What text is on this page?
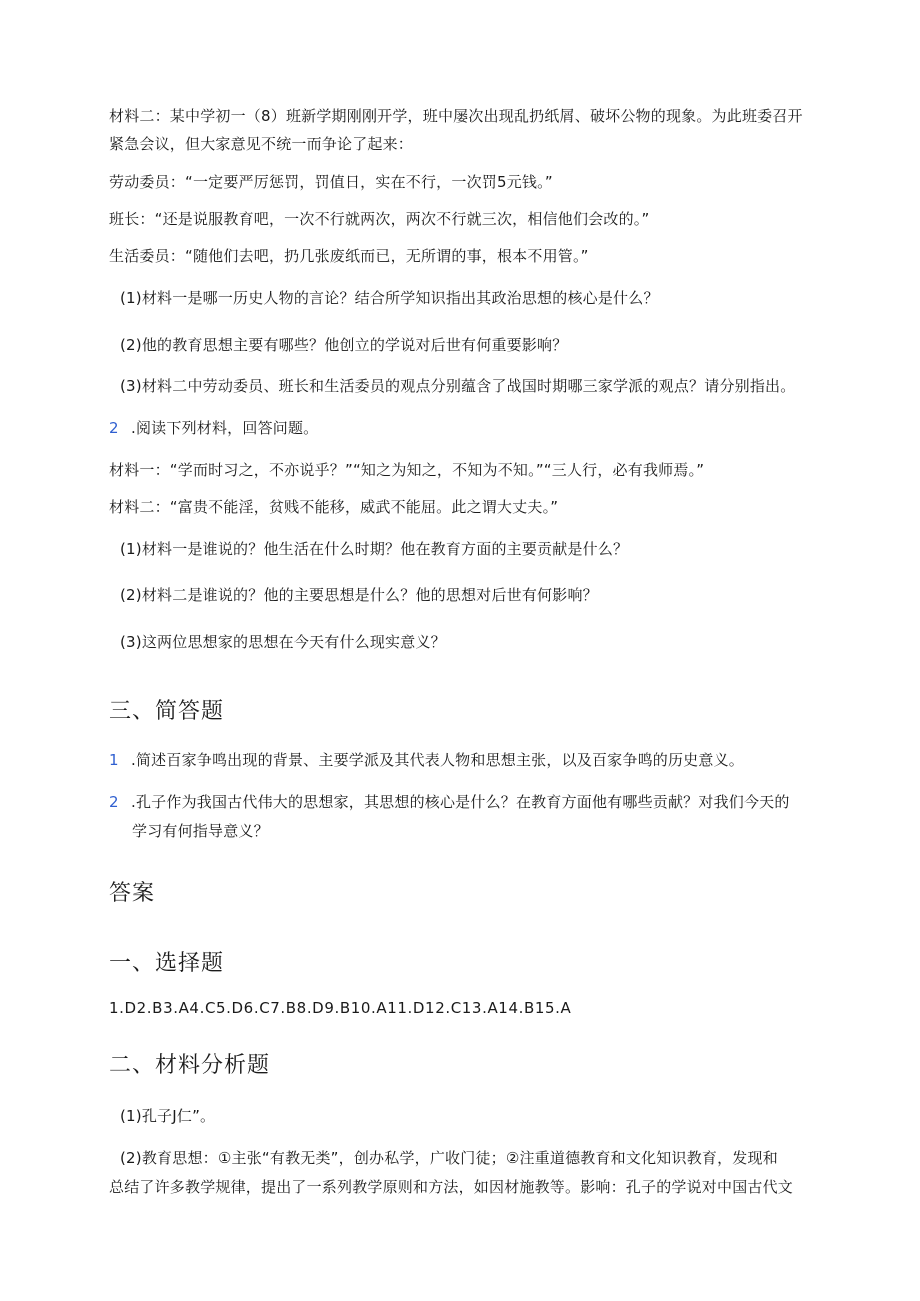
材料二：某中学初一（8）班新学期刚刚开学，班中屡次出现乱扔纸屑、破坏公物的现象。为此班委召开
紧急会议，但大家意见不统一而争论了起来：
劳动委员：“一定要严厉惩罚，罚值日，实在不行，一次罚5元钱。”
班长：“还是说服教育吧，一次不行就两次，两次不行就三次，相信他们会改的。”
生活委员：“随他们去吧，扔几张废纸而已，无所谓的事，根本不用管。”
(1)材料一是哪一历史人物的言论？结合所学知识指出其政治思想的核心是什么？
(2)他的教育思想主要有哪些？他创立的学说对后世有何重要影响？
(3)材料二中劳动委员、班长和生活委员的观点分别蕴含了战国时期哪三家学派的观点？请分别指出。
2 .阅读下列材料，回答问题。
材料一：“学而时习之，不亦说乎？”“知之为知之，不知为不知。”“三人行，必有我师焉。”
材料二：“富贵不能淫，贫贱不能移，威武不能屈。此之谓大丈夫。”
(1)材料一是谁说的？他生活在什么时期？他在教育方面的主要贡献是什么？
(2)材料二是谁说的？他的主要思想是什么？他的思想对后世有何影响？
(3)这两位思想家的思想在今天有什么现实意义？
三、简答题
1 .简述百家争鸣出现的背景、主要学派及其代表人物和思想主张，以及百家争鸣的历史意义。
2 .孔子作为我国古代伟大的思想家，其思想的核心是什么？在教育方面他有哪些贡献？对我们今天的
学习有何指导意义？
答案
一、选择题
1.D2.B3.A4.C5.D6.C7.B8.D9.B10.A11.D12.C13.A14.B15.A
二、材料分析题
(1)孔子J仁”。
(2)教育思想：①主张“有教无类”，创办私学，广收门徒；②注重道德教育和文化知识教育，发现和
总结了许多教学规律，提出了一系列教学原则和方法，如因材施教等。影响：孔子的学说对中国古代文
